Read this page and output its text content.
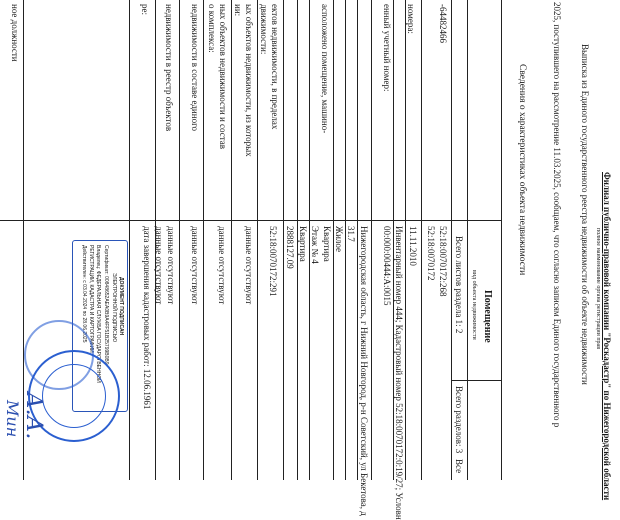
Филиал публично-правовой компании "Роскадастр" по Нижегородской области
полное наименование органа регистрации прав
Выписка из Единого государственного реестра недвижимости об объекте недвижимости
2025, поступившего на рассмотрение 11.03.2025, сообщаем, что согласно записям Единого государственного р
Сведения о характеристиках объекта недвижимости
Помещение
вид объекта недвижимости
Всего листов раздела 1: 2
Всего разделов: 3
Все
-64482466
номера:
енный учетный номер:
асположено помещение, машино-
ектов недвижимости, в пределах
движимости:
ых объектов недвижимости, из которых
ии:
ных объектов недвижимости и состав
о комплекса:
недвижимости в составе единого
недвижимости в реестр объектов
ре:
ное должности
52:18:0070172:268
52:18:0070172
11.11.2010
Инвентарный номер 444; Кадастровый номер 52:18:0070172:0:19/27; Условн
00:000:00444:А:0015
Нижегородская область, г Нижний Новгород, р-н Советский, ул Бекетова, д
31.7
Жилое
Квартира
Этаж № 4
Квартира
2888127.09
52:18:0070172:291
данные отсутствуют
данные отсутствуют
данные отсутствуют
данные отсутствуют
данные отсутствуют
дата завершения кадастровых работ: 12.06.1961
ДОКУМЕНТ ПОДПИСАН
ЭЛЕКТРОННОЙ ПОДПИСЬЮ
Сертификат: 00848652AEA0B9A4FF51B25799B0B9
Владелец: ФЕДЕРАЛЬНАЯ СЛУЖБА ГОСУДАРСТВЕННОЙ
РЕГИСТРАЦИИ, КАДАСТРА И КАРТОГРАФИИ
Действителен: с 03.04.2024 по 28.06.2025
А.А.
Мин
